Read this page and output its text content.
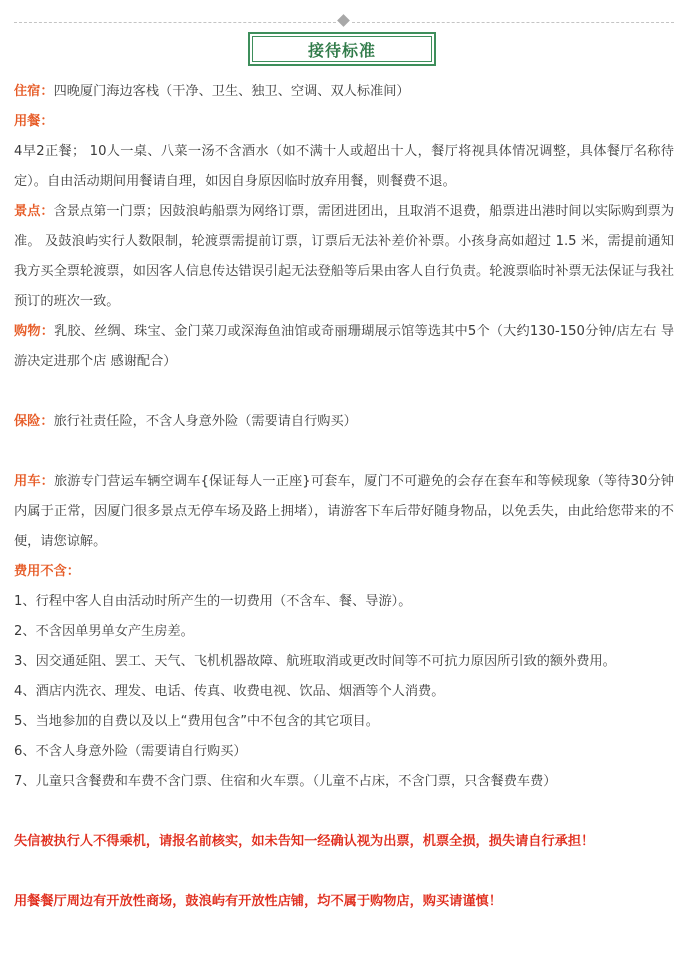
接待标准

住宿：四晚厦门海边客栈（干净、卫生、独卫、空调、双人标准间）

用餐：

4早2正餐； 10人一桌、八菜一汤不含酒水（如不满十人或超出十人，餐厅将视具体情况调整，具体餐厅名称待定）。自由活动期间用餐请自理，如因自身原因临时放弃用餐，则餐费不退。

景点：含景点第一门票；因鼓浪屿船票为网络订票，需团进团出，且取消不退费，船票进出港时间以实际购到票为准。 及鼓浪屿实行人数限制，轮渡票需提前订票，订票后无法补差价补票。小孩身高如超过 1.5 米，需提前通知我方买全票轮渡票，如因客人信息传达错误引起无法登船等后果由客人自行负责。轮渡票临时补票无法保证与我社预订的班次一致。

购物：乳胶、丝绸、珠宝、金门菜刀或深海鱼油馆或奇丽珊瑚展示馆等选其中5个（大约130-150分钟/店左右 导游决定进那个店 感谢配合）

保险：旅行社责任险，不含人身意外险（需要请自行购买）

用车：旅游专门营运车辆空调车{保证每人一正座}可套车，厦门不可避免的会存在套车和等候现象（等待30分钟内属于正常，因厦门很多景点无停车场及路上拥堵），请游客下车后带好随身物品，以免丢失，由此给您带来的不便，请您谅解。

费用不含：

1、行程中客人自由活动时所产生的一切费用（不含车、餐、导游）。

2、不含因单男单女产生房差。

3、因交通延阻、罢工、天气、飞机机器故障、航班取消或更改时间等不可抗力原因所引致的额外费用。

4、酒店内洗衣、理发、电话、传真、收费电视、饮品、烟酒等个人消费。

5、当地参加的自费以及以上“费用包含”中不包含的其它项目。

6、不含人身意外险（需要请自行购买）

7、儿童只含餐费和车费不含门票、住宿和火车票。（儿童不占床，不含门票，只含餐费车费）

失信被执行人不得乘机，请报名前核实，如未告知一经确认视为出票，机票全损，损失请自行承担！

用餐餐厅周边有开放性商场，鼓浪屿有开放性店铺，均不属于购物店，购买请谨慎！
